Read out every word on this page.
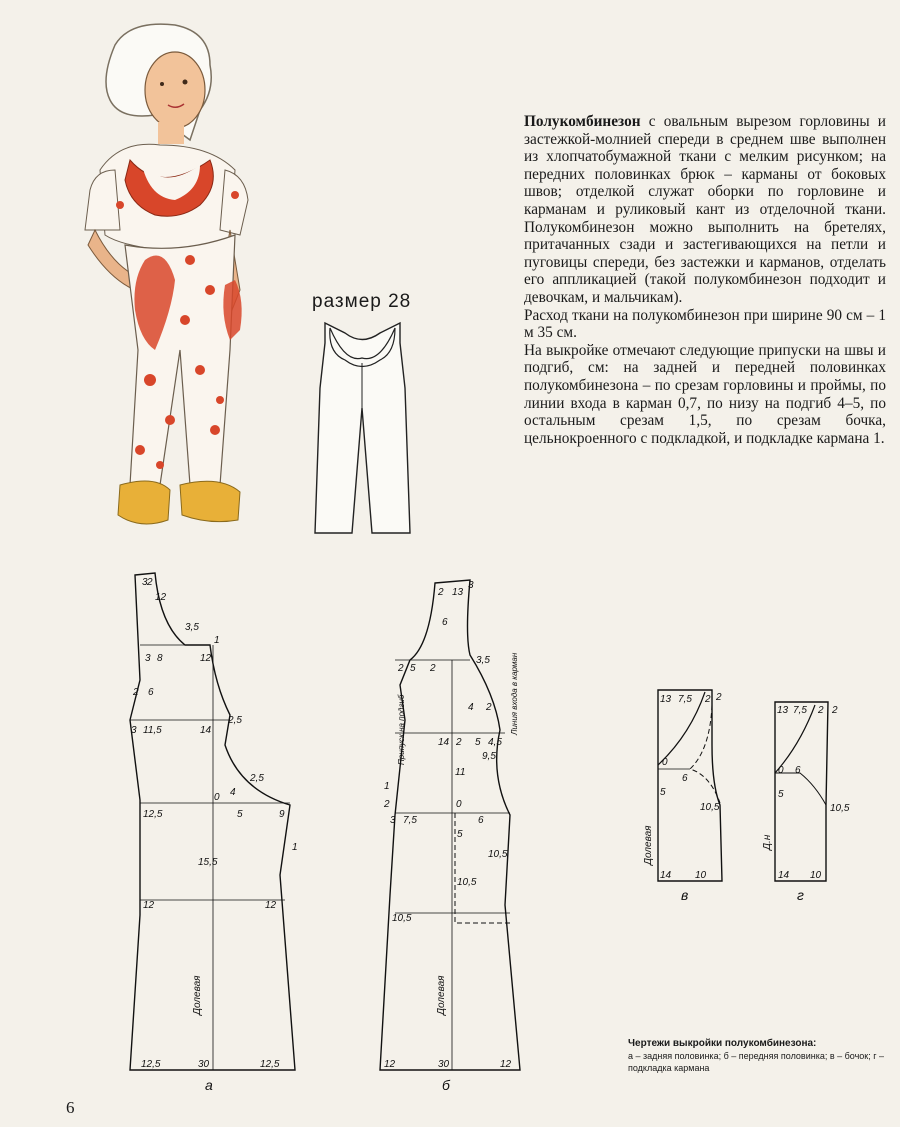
размер 28

Полукомбинезон с овальным вырезом горловины и застежкой-молнией спереди в среднем шве выполнен из хлопчатобумажной ткани с мелким рисунком; на передних половинках брюк – карманы от боковых швов; отделкой служат оборки по горловине и карманам и руликовый кант из отделочной ткани. Полукомбинезон можно выполнить на бретелях, притачанных сзади и застегивающихся на петли и пуговицы спереди, без застежки и карманов, отделать его аппликацией (такой полукомбинезон подходит и девочкам, и мальчикам).

Расход ткани на полукомбинезон при ширине 90 см – 1 м 35 см.

На выкройке отмечают следующие припуски на швы и подгиб, см: на задней и передней половинках полукомбинезона – по срезам горловины и проймы, по линии входа в карман 0,7, по низу на подгиб 4–5, по остальным срезам 1,5, по срезам бочка, цельнокроенного с подкладкой, и подкладке кармана 1.

2
3
12
3,5
1
3 8	12
2 6
3 11,5	14
2,5
2,5
0 4
5	9
12,5
1
15,5
12	12
30
12,5	12,5
Долевая
а
3
13
2
6
2 5 2
3,5
4 2
14 2 5 4,5
9,5
11
1
2	0
3 7,5
5
6
10,5
10,5
10,5
12	30	12
Долевая
Припуск на подгиб	Линия входа в карман
б
13 7,5 2 2
0
6
5
10,5
14 10
Долевая
в
13 7,5 2 2
0 6
5
10,5
14 10
Д.н
г
Чертежи выкройки полукомбинезона:
а – задняя половинка; б – передняя половинка; в – бочок; г – подкладка кармана
6
